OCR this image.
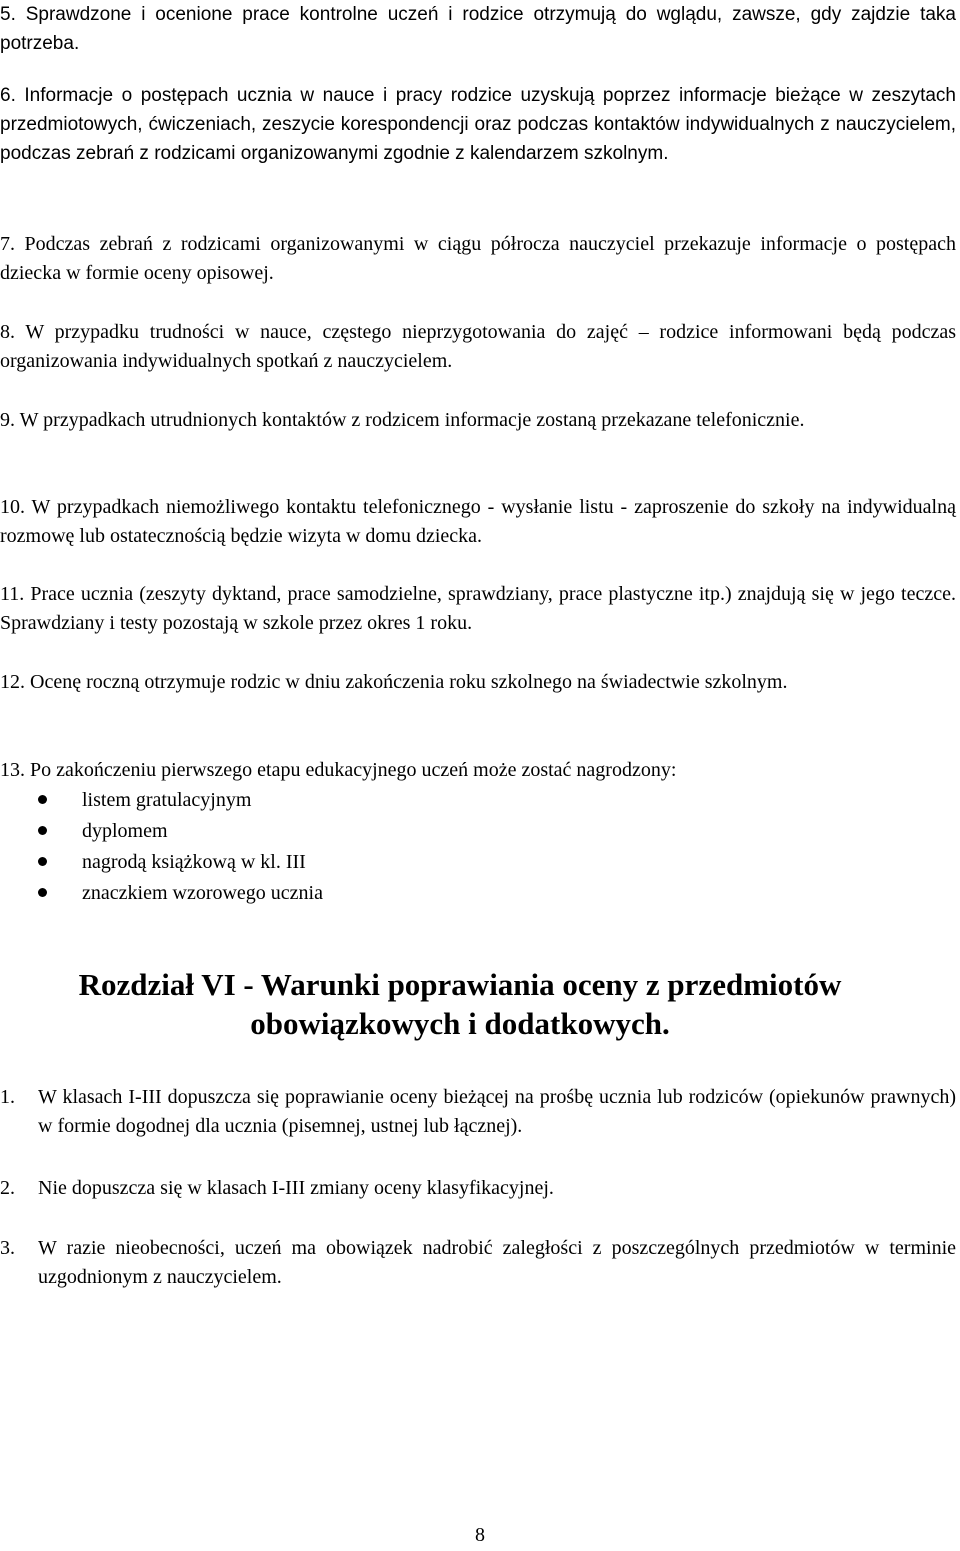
5. Sprawdzone i ocenione prace kontrolne uczeń i rodzice otrzymują do wglądu, zawsze, gdy zajdzie taka potrzeba.

6. Informacje o postępach ucznia w nauce i pracy rodzice uzyskują poprzez informacje bieżące w zeszytach przedmiotowych, ćwiczeniach, zeszycie korespondencji oraz podczas kontaktów indywidualnych z nauczycielem, podczas zebrań z rodzicami organizowanymi zgodnie z kalendarzem szkolnym.

7. Podczas zebrań z rodzicami organizowanymi w ciągu półrocza nauczyciel przekazuje informacje o postępach dziecka w formie oceny opisowej.

8. W przypadku trudności w nauce, częstego nieprzygotowania do zajęć – rodzice informowani będą podczas organizowania indywidualnych spotkań z nauczycielem.

9. W przypadkach utrudnionych kontaktów z rodzicem informacje zostaną przekazane telefonicznie.

10. W przypadkach niemożliwego kontaktu telefonicznego - wysłanie listu - zaproszenie do szkoły na indywidualną rozmowę lub ostatecznością będzie wizyta w domu dziecka.

11. Prace ucznia (zeszyty dyktand, prace samodzielne, sprawdziany, prace plastyczne itp.) znajdują się w jego teczce. Sprawdziany i testy pozostają w szkole przez okres 1 roku.

12. Ocenę roczną otrzymuje rodzic w dniu zakończenia roku szkolnego na świadectwie szkolnym.

13. Po zakończeniu pierwszego etapu edukacyjnego uczeń może zostać nagrodzony:

listem gratulacyjnym
dyplomem
nagrodą książkową w kl. III
znaczkiem wzorowego ucznia
Rozdział VI - Warunki poprawiania oceny z przedmiotów obowiązkowych i dodatkowych.
1. W klasach I-III dopuszcza się poprawianie oceny bieżącej na prośbę ucznia lub rodziców (opiekunów prawnych) w formie dogodnej dla ucznia (pisemnej, ustnej lub łącznej).
2. Nie dopuszcza się w klasach I-III zmiany oceny klasyfikacyjnej.
3. W razie nieobecności, uczeń ma obowiązek nadrobić zaległości z poszczególnych przedmiotów w terminie uzgodnionym z nauczycielem.
8
